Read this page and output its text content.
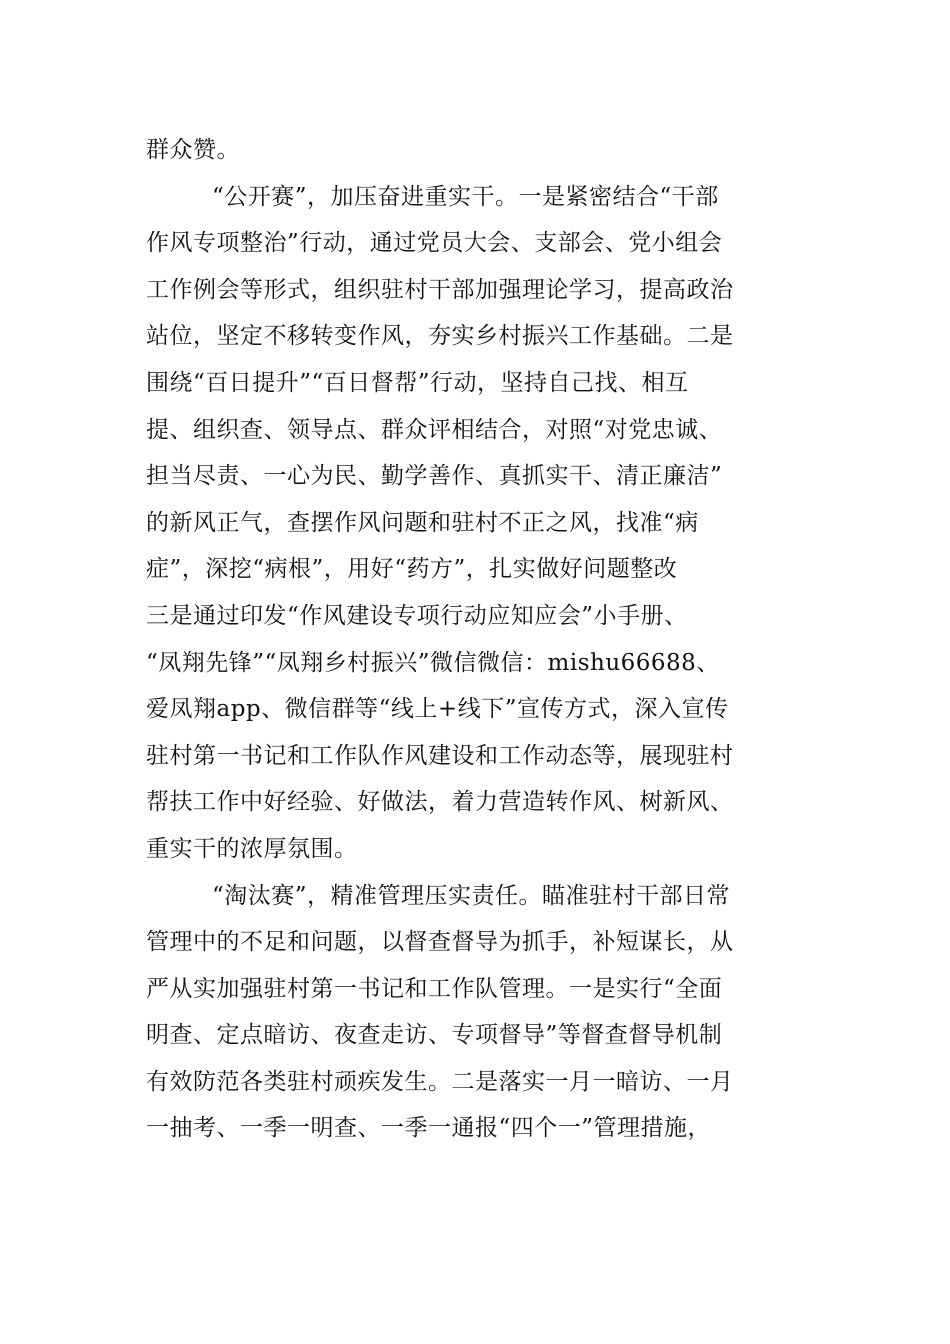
群众赞。
“公开赛”，加压奋进重实干。一是紧密结合“干部
作风专项整治”行动，通过党员大会、支部会、党小组会
工作例会等形式，组织驻村干部加强理论学习，提高政治
站位，坚定不移转变作风，夯实乡村振兴工作基础。二是
围绕“百日提升”“百日督帮”行动，坚持自己找、相互
提、组织查、领导点、群众评相结合，对照“对党忠诚、
担当尽责、一心为民、勤学善作、真抓实干、清正廉洁”
的新风正气，查摆作风问题和驻村不正之风，找准“病
症”，深挖“病根”，用好“药方”，扎实做好问题整改
三是通过印发“作风建设专项行动应知应会”小手册、
“凤翔先锋”“凤翔乡村振兴”微信微信：mishu66688、
爱凤翔app、微信群等“线上+线下”宣传方式，深入宣传
驻村第一书记和工作队作风建设和工作动态等，展现驻村
帮扶工作中好经验、好做法，着力营造转作风、树新风、
重实干的浓厚氛围。
“淘汰赛”，精准管理压实责任。瞄准驻村干部日常
管理中的不足和问题，以督查督导为抓手，补短谋长，从
严从实加强驻村第一书记和工作队管理。一是实行“全面
明查、定点暗访、夜查走访、专项督导”等督查督导机制
有效防范各类驻村顽疾发生。二是落实一月一暗访、一月
一抽考、一季一明查、一季一通报“四个一”管理措施，
